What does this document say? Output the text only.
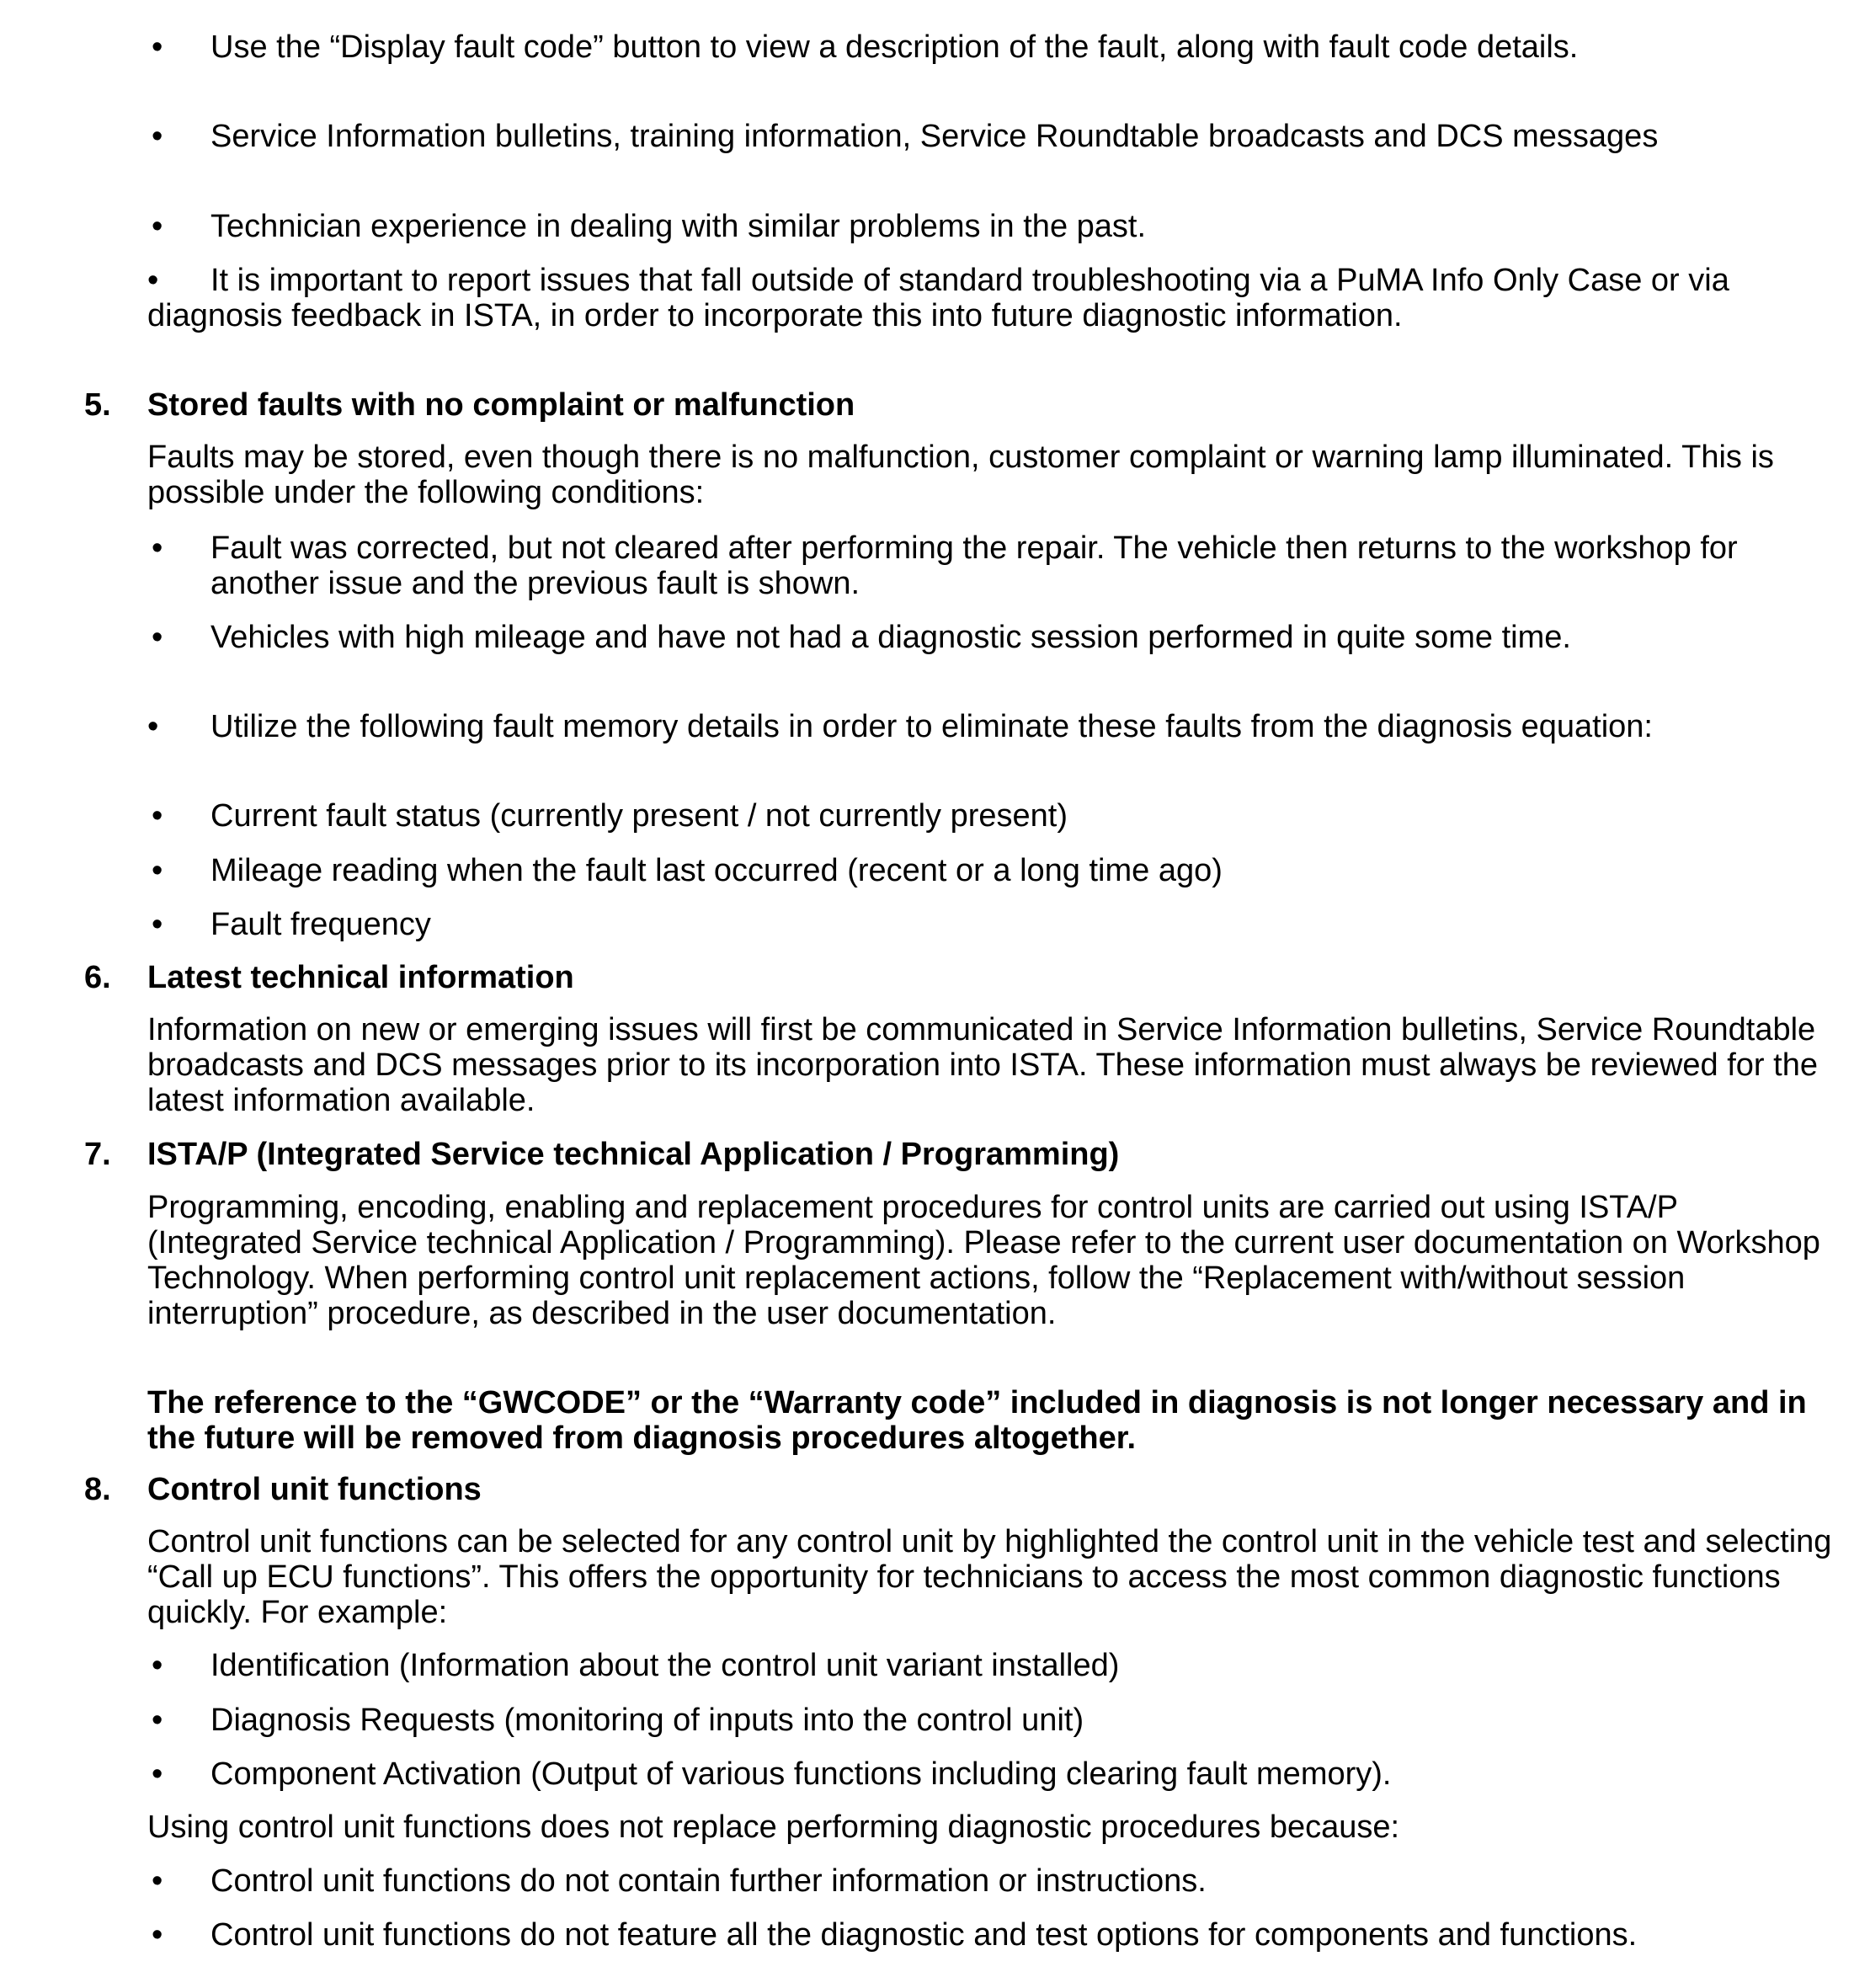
•	Use the “Display fault code” button to view a description of the fault, along with fault code details.
•	Service Information bulletins, training information, Service Roundtable broadcasts and DCS messages
•	Technician experience in dealing with similar problems in the past.
• It is important to report issues that fall outside of standard troubleshooting via a PuMA Info Only Case or via diagnosis feedback in ISTA, in order to incorporate this into future diagnostic information.
5. Stored faults with no complaint or malfunction
Faults may be stored, even though there is no malfunction, customer complaint or warning lamp illuminated. This is possible under the following conditions:
•	Fault was corrected, but not cleared after performing the repair. The vehicle then returns to the workshop for another issue and the previous fault is shown.
•	Vehicles with high mileage and have not had a diagnostic session performed in quite some time.
• Utilize the following fault memory details in order to eliminate these faults from the diagnosis equation:
•	Current fault status (currently present / not currently present)
•	Mileage reading when the fault last occurred (recent or a long time ago)
•	Fault frequency
6. Latest technical information
Information on new or emerging issues will first be communicated in Service Information bulletins, Service Roundtable broadcasts and DCS messages prior to its incorporation into ISTA. These information must always be reviewed for the latest information available.
7. ISTA/P (Integrated Service technical Application / Programming)
Programming, encoding, enabling and replacement procedures for control units are carried out using ISTA/P (Integrated Service technical Application / Programming). Please refer to the current user documentation on Workshop Technology. When performing control unit replacement actions, follow the “Replacement with/without session interruption” procedure, as described in the user documentation.
The reference to the “GWCODE” or the “Warranty code” included in diagnosis is not longer necessary and in the future will be removed from diagnosis procedures altogether.
8. Control unit functions
Control unit functions can be selected for any control unit by highlighted the control unit in the vehicle test and selecting “Call up ECU functions”. This offers the opportunity for technicians to access the most common diagnostic functions quickly. For example:
•	Identification (Information about the control unit variant installed)
•	Diagnosis Requests (monitoring of inputs into the control unit)
•	Component Activation (Output of various functions including clearing fault memory).
Using control unit functions does not replace performing diagnostic procedures because:
•	Control unit functions do not contain further information or instructions.
•	Control unit functions do not feature all the diagnostic and test options for components and functions.
